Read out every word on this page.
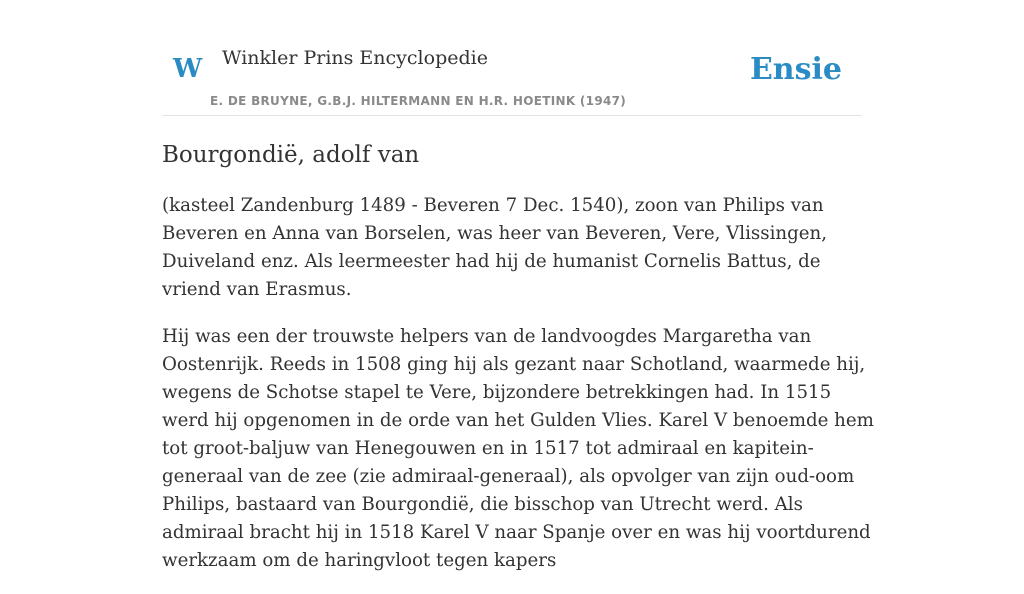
W Winkler Prins Encyclopedie
E. DE BRUYNE, G.B.J. HILTERMANN EN H.R. HOETINK (1947)
Ensie
Bourgondië, adolf van

(kasteel Zandenburg 1489 - Beveren 7 Dec. 1540), zoon van Philips van Beveren en Anna van Borselen, was heer van Beveren, Vere, Vlissingen, Duiveland enz. Als leermeester had hij de humanist Cornelis Battus, de vriend van Erasmus.

Hij was een der trouwste helpers van de landvoogdes Margaretha van Oostenrijk. Reeds in 1508 ging hij als gezant naar Schotland, waarmede hij, wegens de Schotse stapel te Vere, bijzondere betrekkingen had. In 1515 werd hij opgenomen in de orde van het Gulden Vlies. Karel V benoemde hem tot groot-baljuw van Henegouwen en in 1517 tot admiraal en kapitein-generaal van de zee (zie admiraal-generaal), als opvolger van zijn oud-oom Philips, bastaard van Bourgondië, die bisschop van Utrecht werd. Als admiraal bracht hij in 1518 Karel V naar Spanje over en was hij voortdurend werkzaam om de haringvloot tegen kapers
